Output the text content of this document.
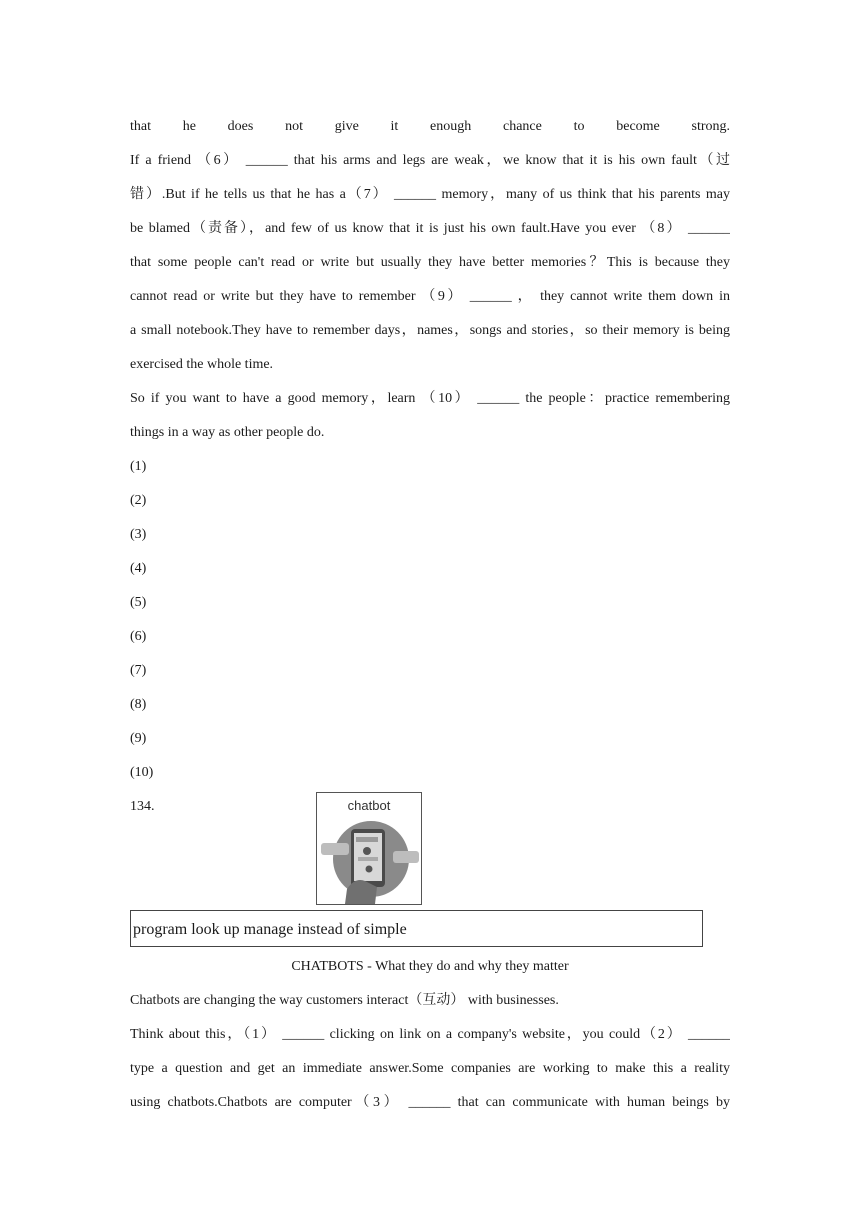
that he does not give it enough chance to become strong.
If a friend （6） ______ that his arms and legs are weak，we know that it is his own fault（过
错）.But if he tells us that he has a（7） ______ memory，many of us think that his parents may
be blamed（责备），and few of us know that it is just his own fault.Have you ever （8） ______
that some people can't read or write but usually they have better memories？This is because they
cannot read or write but they have to remember （9） ______ ， they cannot write them down in
a small notebook.They have to remember days，names，songs and stories，so their memory is being
exercised the whole time.
So if you want to have a good memory，learn （10） ______ the people：practice remembering
things in a way as other people do.
(1)
(2)
(3)
(4)
(5)
(6)
(7)
(8)
(9)
(10)
134.	chatbot
program look up manage instead of simple
CHATBOTS - What they do and why they matter
Chatbots are changing the way customers interact（互动） with businesses.
Think about this，（1） ______ clicking on link on a company's website，you could（2） ______
type a question and get an immediate answer.Some companies are working to make this a reality
using chatbots.Chatbots are computer（3） ______ that can communicate with human beings by
